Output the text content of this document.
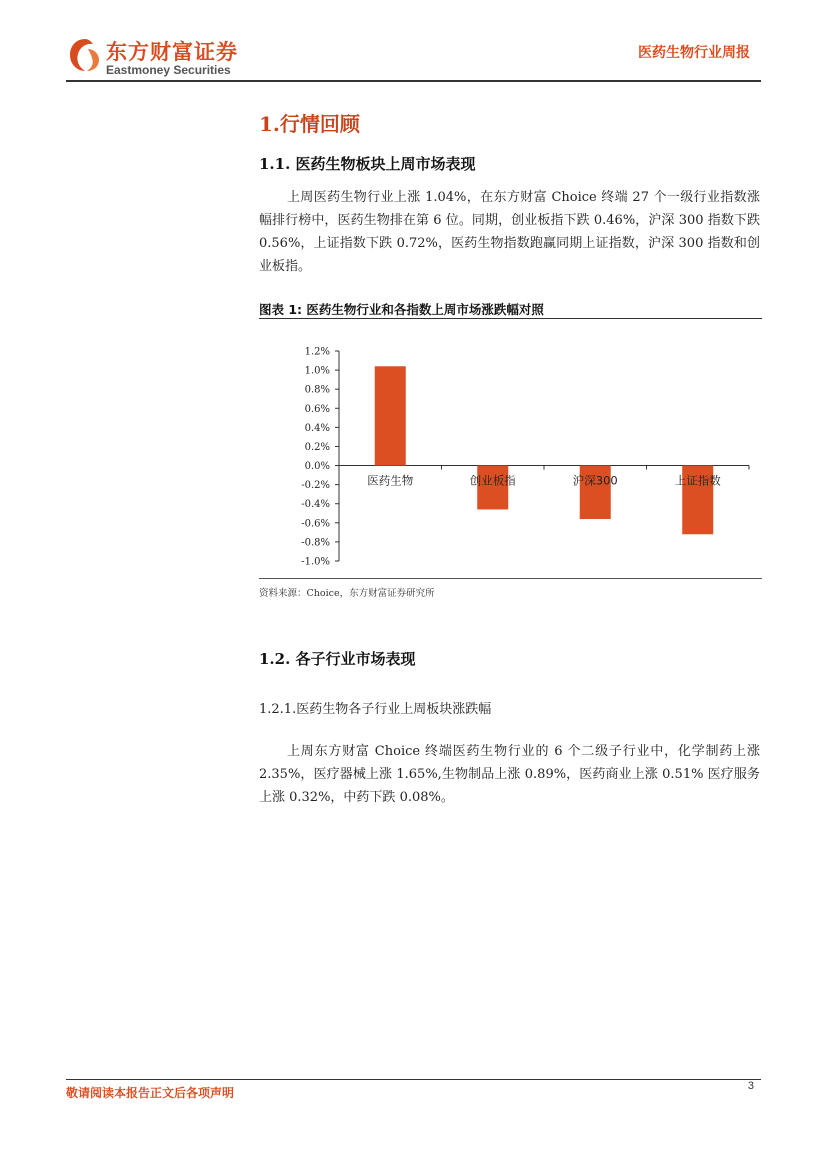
东方财富证券
Eastmoney Securities
医药生物行业周报
1.行情回顾
1.1. 医药生物板块上周市场表现
上周医药生物行业上涨 1.04%，在东方财富 Choice 终端 27 个一级行业指数涨幅排行榜中，医药生物排在第 6 位。同期，创业板指下跌 0.46%，沪深 300 指数下跌 0.56%，上证指数下跌 0.72%，医药生物指数跑赢同期上证指数，沪深 300 指数和创业板指。
图表 1: 医药生物行业和各指数上周市场涨跌幅对照
1.2%
1.0%
0.8%
0.6%
0.4%
0.2%
0.0%
-0.2%
-0.4%
-0.6%
-0.8%
-1.0%
医药生物	创业板指	沪深300	上证指数
资料来源：Choice，东方财富证券研究所
1.2. 各子行业市场表现
1.2.1.医药生物各子行业上周板块涨跌幅
上周东方财富 Choice 终端医药生物行业的 6 个二级子行业中，化学制药上涨 2.35%，医疗器械上涨 1.65%,生物制品上涨 0.89%，医药商业上涨 0.51% 医疗服务上涨 0.32%，中药下跌 0.08%。
敬请阅读本报告正文后各项声明	3
